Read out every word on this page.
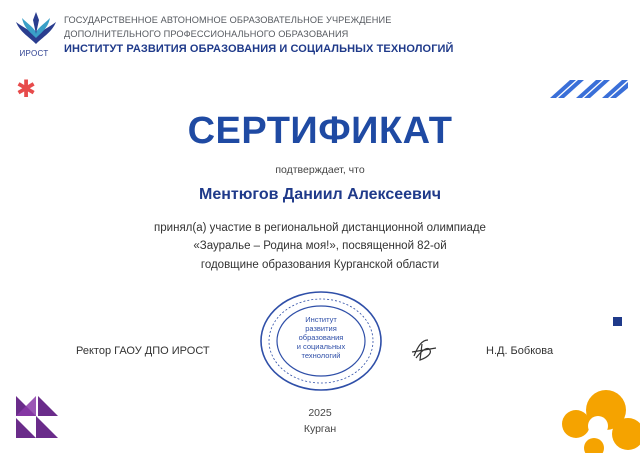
ИРОСТ
ГОСУДАРСТВЕННОЕ АВТОНОМНОЕ ОБРАЗОВАТЕЛЬНОЕ УЧРЕЖДЕНИЕ
ДОПОЛНИТЕЛЬНОГО ПРОФЕССИОНАЛЬНОГО ОБРАЗОВАНИЯ
ИНСТИТУТ РАЗВИТИЯ ОБРАЗОВАНИЯ И СОЦИАЛЬНЫХ ТЕХНОЛОГИЙ
✱
СЕРТИФИКАТ
подтверждает, что
Ментюгов Даниил Алексеевич
принял(а) участие в региональной дистанционной олимпиаде
«Зауралье – Родина моя!», посвященной 82-ой
годовщине образования Курганской области
Ректор ГАОУ ДПО ИРОСТ
Институт
развития
образования
и социальных
технологий	Н.Д. Бобкова
2025
Курган
